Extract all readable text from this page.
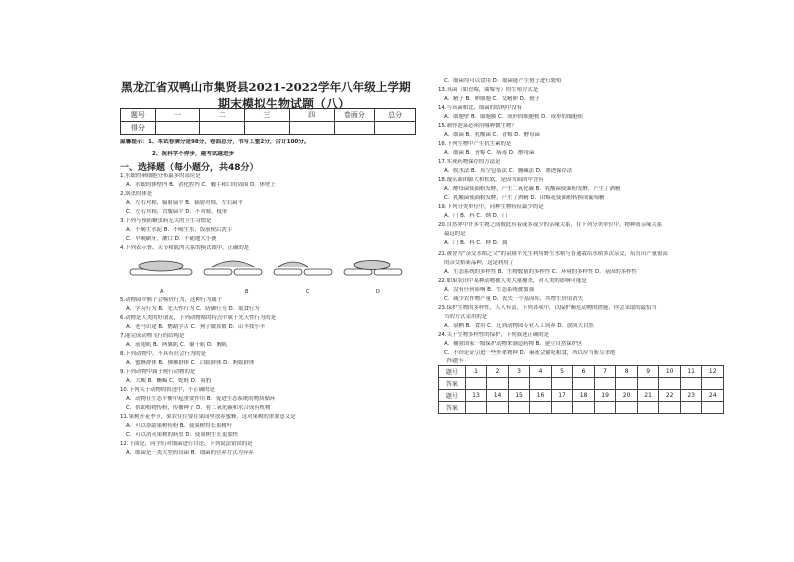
黑龙江省双鸭山市集贤县2021-2022学年八年级上学期
期末模拟生物试题（八）
题号	一	二	三	四	卷面分	总分
得分						
温馨提示：1、本试卷满分是98分，卷面总分，书写工整2分，合计100分。
2、祝科学不停步，越考试越进步
一、选择题（每小题分，共48分）
1.水螅的刺细胞分布最多的部位是
A．水螅的体壁内 B．消化腔内 C．触手和口的周围 D．体壁上
2.涡虫的体是
A．左右对称，辐射扁平 B．辐射对称，左右扁平
C．左右对称，背腹扁平 D．不对称，枝形
3.下列与预防蛔虫病无关的卫生习惯是
A．不喝生水泥 B．不喝生水，饭前便后洗手
C．早晚刷牙，漱口 D．不随地大小便
4.下列表示骨、关节和肌肉关系的模式图中，正确的是
A	B	C	D
5.动物园中猴子会模仿行为，这种行为属于
A．学习行为 B．先天性行为 C．防御行为 D．取食行为
6.动物是人类的好朋友，下列动物都的特点中属于先天性行为的是
A．老马识途 B．鹦鹉学舌 C．狗子做算数 D．山羊找小羊
7.能完成动物飞行的结构是
A．前翅肌 B．两翼肌 C．躯干肌 D．胸肌
8.下列动物中，不具有社会行为的是
A．蜜蜂群体 B．狒狒群体 C．白蚁群体 D．蚂蚁群体
9.下列动物中属于爬行动物的是
A．大鲵 B．蜥蜴 C．蛇蛙 D．海豹
10.下列关于动物的叙述中，不正确的是
A．动物在生态平衡中起重要作用 B．促进生态系统的物质循环
C．帮助植物传粉，传播种子 D．将二氧化碳和水合成有机物
11.果树开花季节，果农往往要在果园里放养蜜蜂，这对果树的重要意义是
A．可以帮助果树传粉 B．使果树得长果树叶
C．可以消灭果树的病虫 D．使果树生长更加快
12.下面是，同学们对细菌进行讨论，下列说法错误的是
A．细菌是一类大型的真菌 B．细菌的营养方式为异养
C．细菌均可以食用 D．细菌能产生孢子进行繁殖
13.真菌（如青霉，曲霉等）的生殖方式是
A．精子 B．卵细胞 C．交精卵 D．孢子
14.与真菌相比，细菌的结构中没有
A．细胞壁 B．细胞膜 C．成形的细胞核 D．成形的细胞质
15.制作泡菜必须用哪种微生物？
A．细菌 B．乳酸菌 C．青霉 D．酵母菌
16.下列生物中产生抗生素的是
A．细菌 B．青霉 C．病毒 D．酵母菌
17.实现药物保存的方法是
A．脱水法 B．真空包装法 C．腌藏法 D．渗透保存法
18.馒头面团膨大和松软，是因为面团中含有
A．酵母菌使面粉发酵，产生二氧化碳 B．乳酸菌使面粉发酵，产生了酒精
C．乳酸菌使面粉发酵，产生了酒精 D．由霉花使面粉转换成葡萄糖
19.下列分类单位中，同种生物特征最少的是
A．门 B．科 C．纲 D．门
20.自然界中许多生物之间彼此有着或多或少的亲缘关系，在下列分类单位中，物种间亲缘关系
最远的是
A．门 B．科 C．种 D．属
21.被誉为“杂交水稻之父”的袁隆平先生利用野生水稻与普通栽培水稻多次杂交，培育出产量很高
的杂交稻新品种，这是利用了
A．生态系统的多样性 B．生物数量的多样性 C．环境的多样性 D．基因的多样性
22.如果农田中某种动物被人类大量捕杀，对人类的影响可能是
A．没有任何影响 B．生态系统被加强
C．减少农作物产量 D．丧失一个基因库，其增生价值消失
23.保护生物的多样性，人人有责，下列各项中，以保护濒危动物的措施，你会采取的最恰当
当的方式采用的是
A．衰栖 B．食用 C．迁到动物园专业人工饲养 D．放回大自然
24.关于生物多样性的保护，下列叙述正确的是
A．捕猎国家一级保护动物来制造药物 B．建立自然保护区
C．不经论证引进一些外来物种 D．麻雀会偷吃粮食，所以应当斩尽杀绝
答题卡
题号	1	2	3	4	5	6	7	8	9	10	11	12
答案												
题号	13	14	15	16	17	18	19	20	21	22	23	24
答案												
